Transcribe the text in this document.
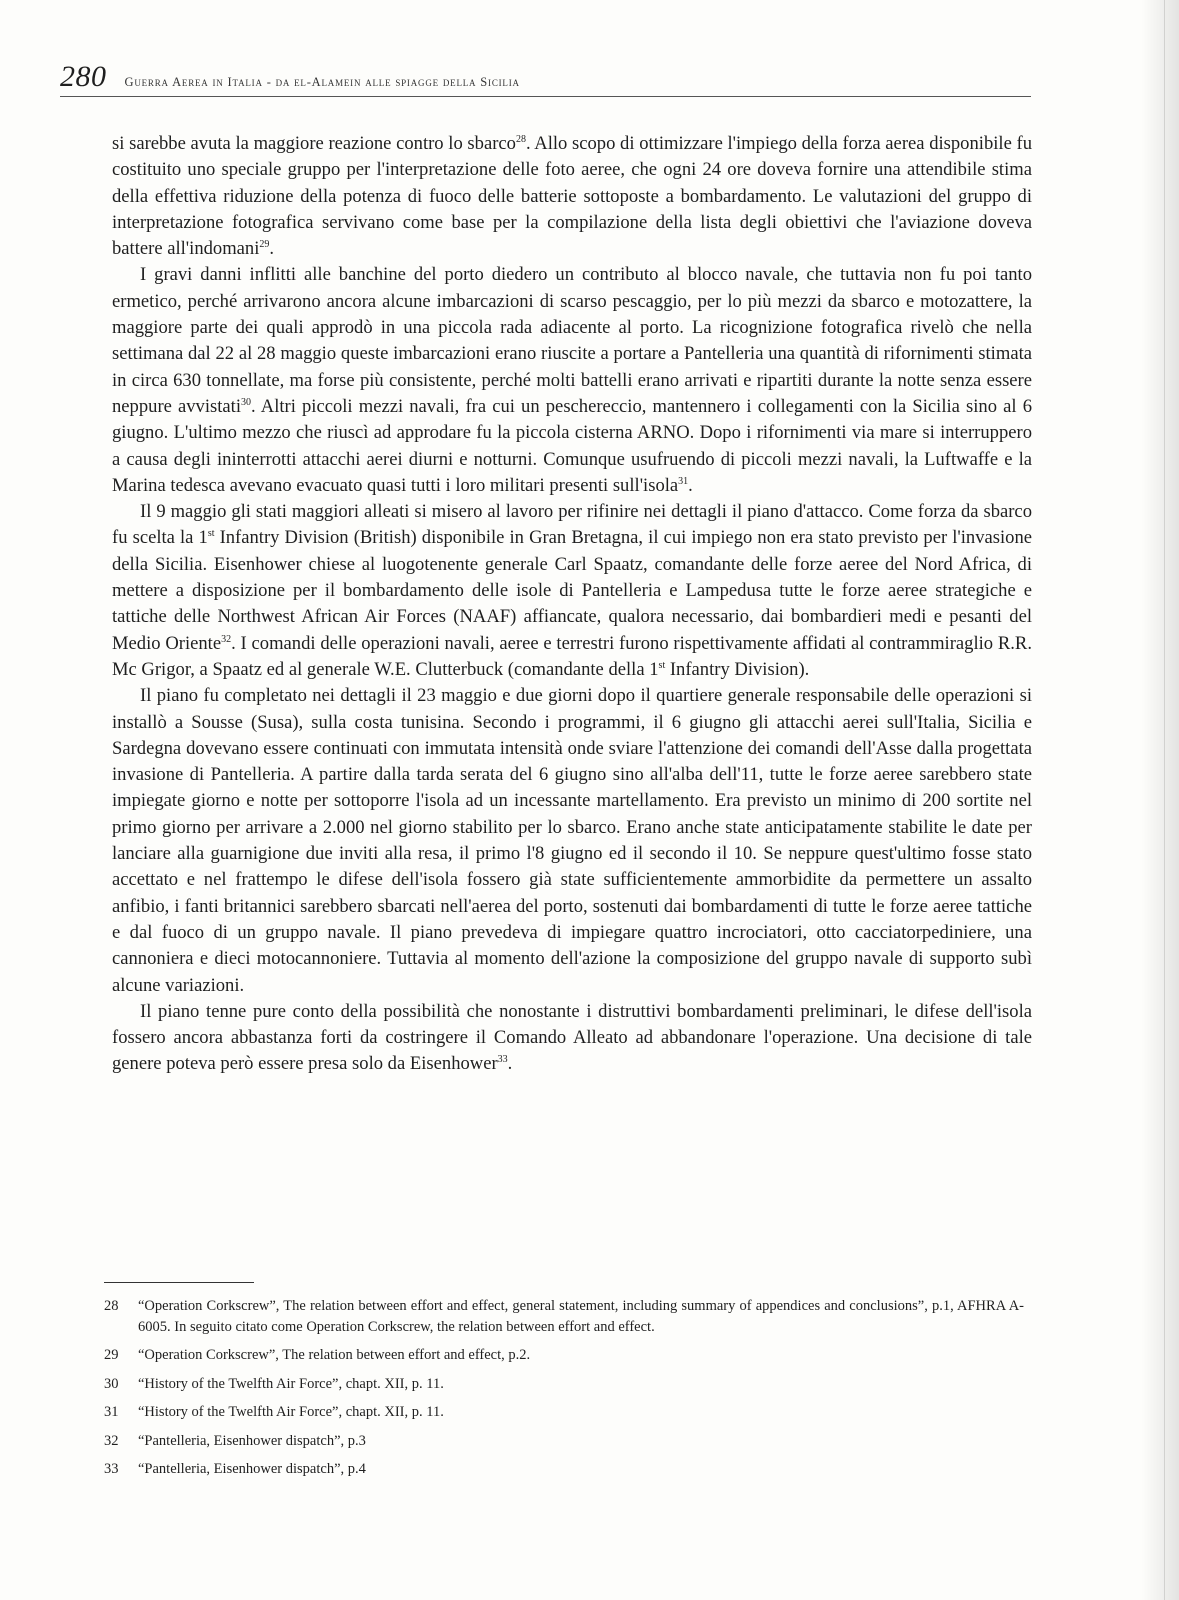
280 Guerra Aerea in Italia - da el-Alamein alle spiagge della Sicilia

si sarebbe avuta la maggiore reazione contro lo sbarco$^{28}$. Allo scopo di ottimizzare l'impiego della forza aerea disponibile fu costituito uno speciale gruppo per l'interpretazione delle foto aeree, che ogni 24 ore doveva fornire una attendibile stima della effettiva riduzione della potenza di fuoco delle batterie sottoposte a bombardamento. Le valutazioni del gruppo di interpretazione fotografica servivano come base per la compilazione della lista degli obiettivi che l'aviazione doveva battere all'indomani$^{29}$.

I gravi danni inflitti alle banchine del porto diedero un contributo al blocco navale, che tuttavia non fu poi tanto ermetico, perché arrivarono ancora alcune imbarcazioni di scarso pescaggio, per lo più mezzi da sbarco e motozattere, la maggiore parte dei quali approdò in una piccola rada adiacente al porto. La ricognizione fotografica rivelò che nella settimana dal 22 al 28 maggio queste imbarcazioni erano riuscite a portare a Pantelleria una quantità di rifornimenti stimata in circa 630 tonnellate, ma forse più consistente, perché molti battelli erano arrivati e ripartiti durante la notte senza essere neppure avvistati$^{30}$. Altri piccoli mezzi navali, fra cui un peschereccio, mantennero i collegamenti con la Sicilia sino al 6 giugno. L'ultimo mezzo che riuscì ad approdare fu la piccola cisterna ARNO. Dopo i rifornimenti via mare si interruppero a causa degli ininterrotti attacchi aerei diurni e notturni. Comunque usufruendo di piccoli mezzi navali, la Luftwaffe e la Marina tedesca avevano evacuato quasi tutti i loro militari presenti sull'isola$^{31}$.

Il 9 maggio gli stati maggiori alleati si misero al lavoro per rifinire nei dettagli il piano d'attacco. Come forza da sbarco fu scelta la 1st Infantry Division (British) disponibile in Gran Bretagna, il cui impiego non era stato previsto per l'invasione della Sicilia. Eisenhower chiese al luogotenente generale Carl Spaatz, comandante delle forze aeree del Nord Africa, di mettere a disposizione per il bombardamento delle isole di Pantelleria e Lampedusa tutte le forze aeree strategiche e tattiche delle Northwest African Air Forces (NAAF) affiancate, qualora necessario, dai bombardieri medi e pesanti del Medio Oriente$^{32}$. I comandi delle operazioni navali, aeree e terrestri furono rispettivamente affidati al contrammiraglio R.R. Mc Grigor, a Spaatz ed al generale W.E. Clutterbuck (comandante della 1st Infantry Division).

Il piano fu completato nei dettagli il 23 maggio e due giorni dopo il quartiere generale responsabile delle operazioni si installò a Sousse (Susa), sulla costa tunisina. Secondo i programmi, il 6 giugno gli attacchi aerei sull'Italia, Sicilia e Sardegna dovevano essere continuati con immutata intensità onde sviare l'attenzione dei comandi dell'Asse dalla progettata invasione di Pantelleria. A partire dalla tarda serata del 6 giugno sino all'alba dell'11, tutte le forze aeree sarebbero state impiegate giorno e notte per sottoporre l'isola ad un incessante martellamento. Era previsto un minimo di 200 sortite nel primo giorno per arrivare a 2.000 nel giorno stabilito per lo sbarco. Erano anche state anticipatamente stabilite le date per lanciare alla guarnigione due inviti alla resa, il primo l'8 giugno ed il secondo il 10. Se neppure quest'ultimo fosse stato accettato e nel frattempo le difese dell'isola fossero già state sufficientemente ammorbidite da permettere un assalto anfibio, i fanti britannici sarebbero sbarcati nell'aerea del porto, sostenuti dai bombardamenti di tutte le forze aeree tattiche e dal fuoco di un gruppo navale. Il piano prevedeva di impiegare quattro incrociatori, otto cacciatorpediniere, una cannoniera e dieci motocannoniere. Tuttavia al momento dell'azione la composizione del gruppo navale di supporto subì alcune variazioni.

Il piano tenne pure conto della possibilità che nonostante i distruttivi bombardamenti preliminari, le difese dell'isola fossero ancora abbastanza forti da costringere il Comando Alleato ad abbandonare l'operazione. Una decisione di tale genere poteva però essere presa solo da Eisenhower$^{33}$.

28	“Operation Corkscrew”, The relation between effort and effect, general statement, including summary of appendices and conclusions”, p.1, AFHRA A-6005. In seguito citato come Operation Corkscrew, the relation between effort and effect.
29	“Operation Corkscrew”, The relation between effort and effect, p.2.
30	“History of the Twelfth Air Force”, chapt. XII, p. 11.
31	“History of the Twelfth Air Force”, chapt. XII, p. 11.
32	“Pantelleria, Eisenhower dispatch”, p.3
33	“Pantelleria, Eisenhower dispatch”, p.4
